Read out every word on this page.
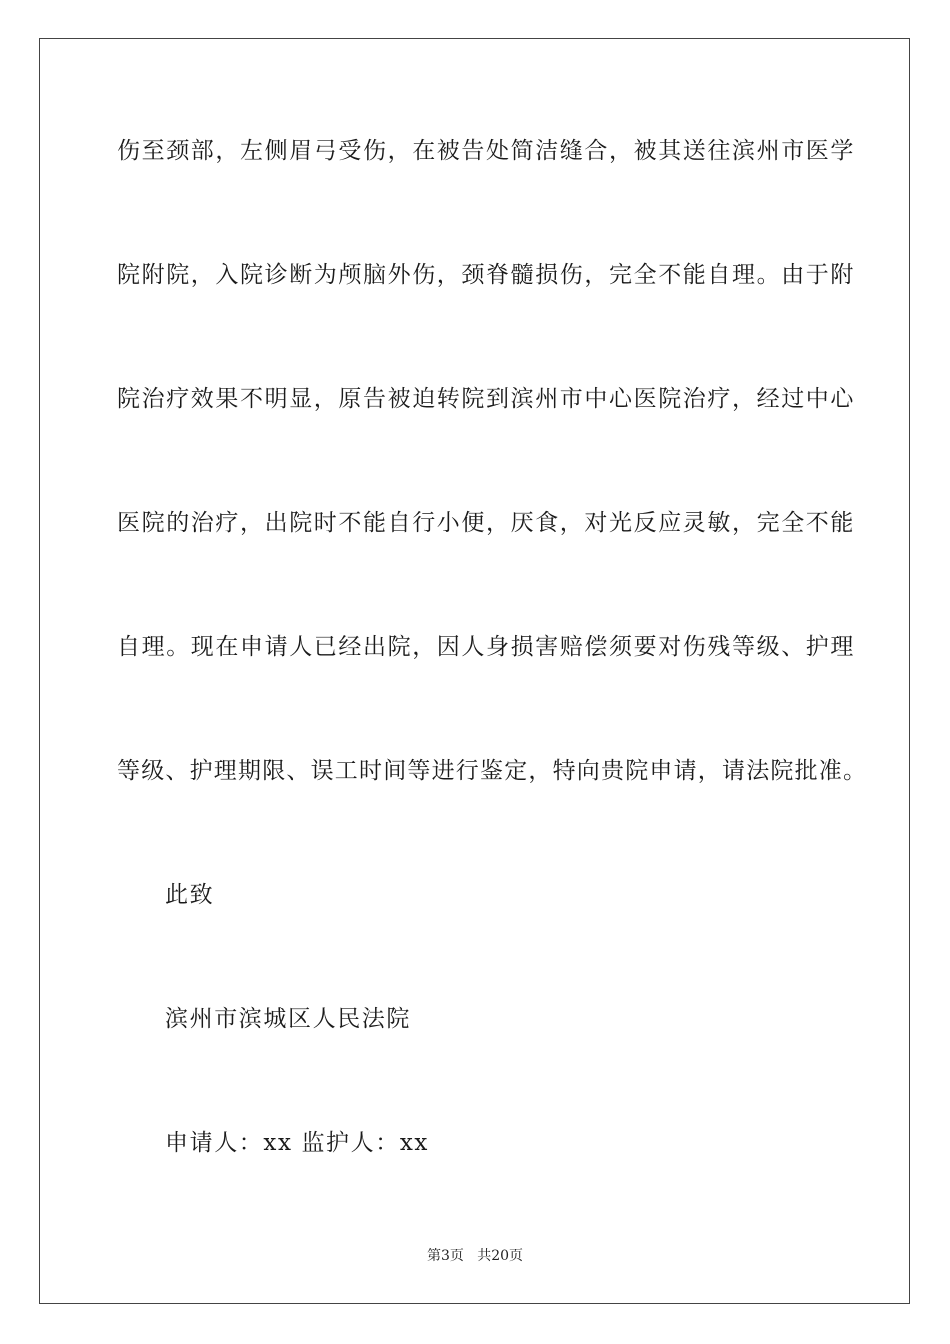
伤至颈部，左侧眉弓受伤，在被告处简洁缝合，被其送往滨州市医学
院附院，入院诊断为颅脑外伤，颈脊髓损伤，完全不能自理。由于附
院治疗效果不明显，原告被迫转院到滨州市中心医院治疗，经过中心
医院的治疗，出院时不能自行小便，厌食，对光反应灵敏，完全不能
自理。现在申请人已经出院，因人身损害赔偿须要对伤残等级、护理
等级、护理期限、误工时间等进行鉴定，特向贵院申请，请法院批准。
此致
滨州市滨城区人民法院
申请人：xx 监护人：xx
第3页   共20页
